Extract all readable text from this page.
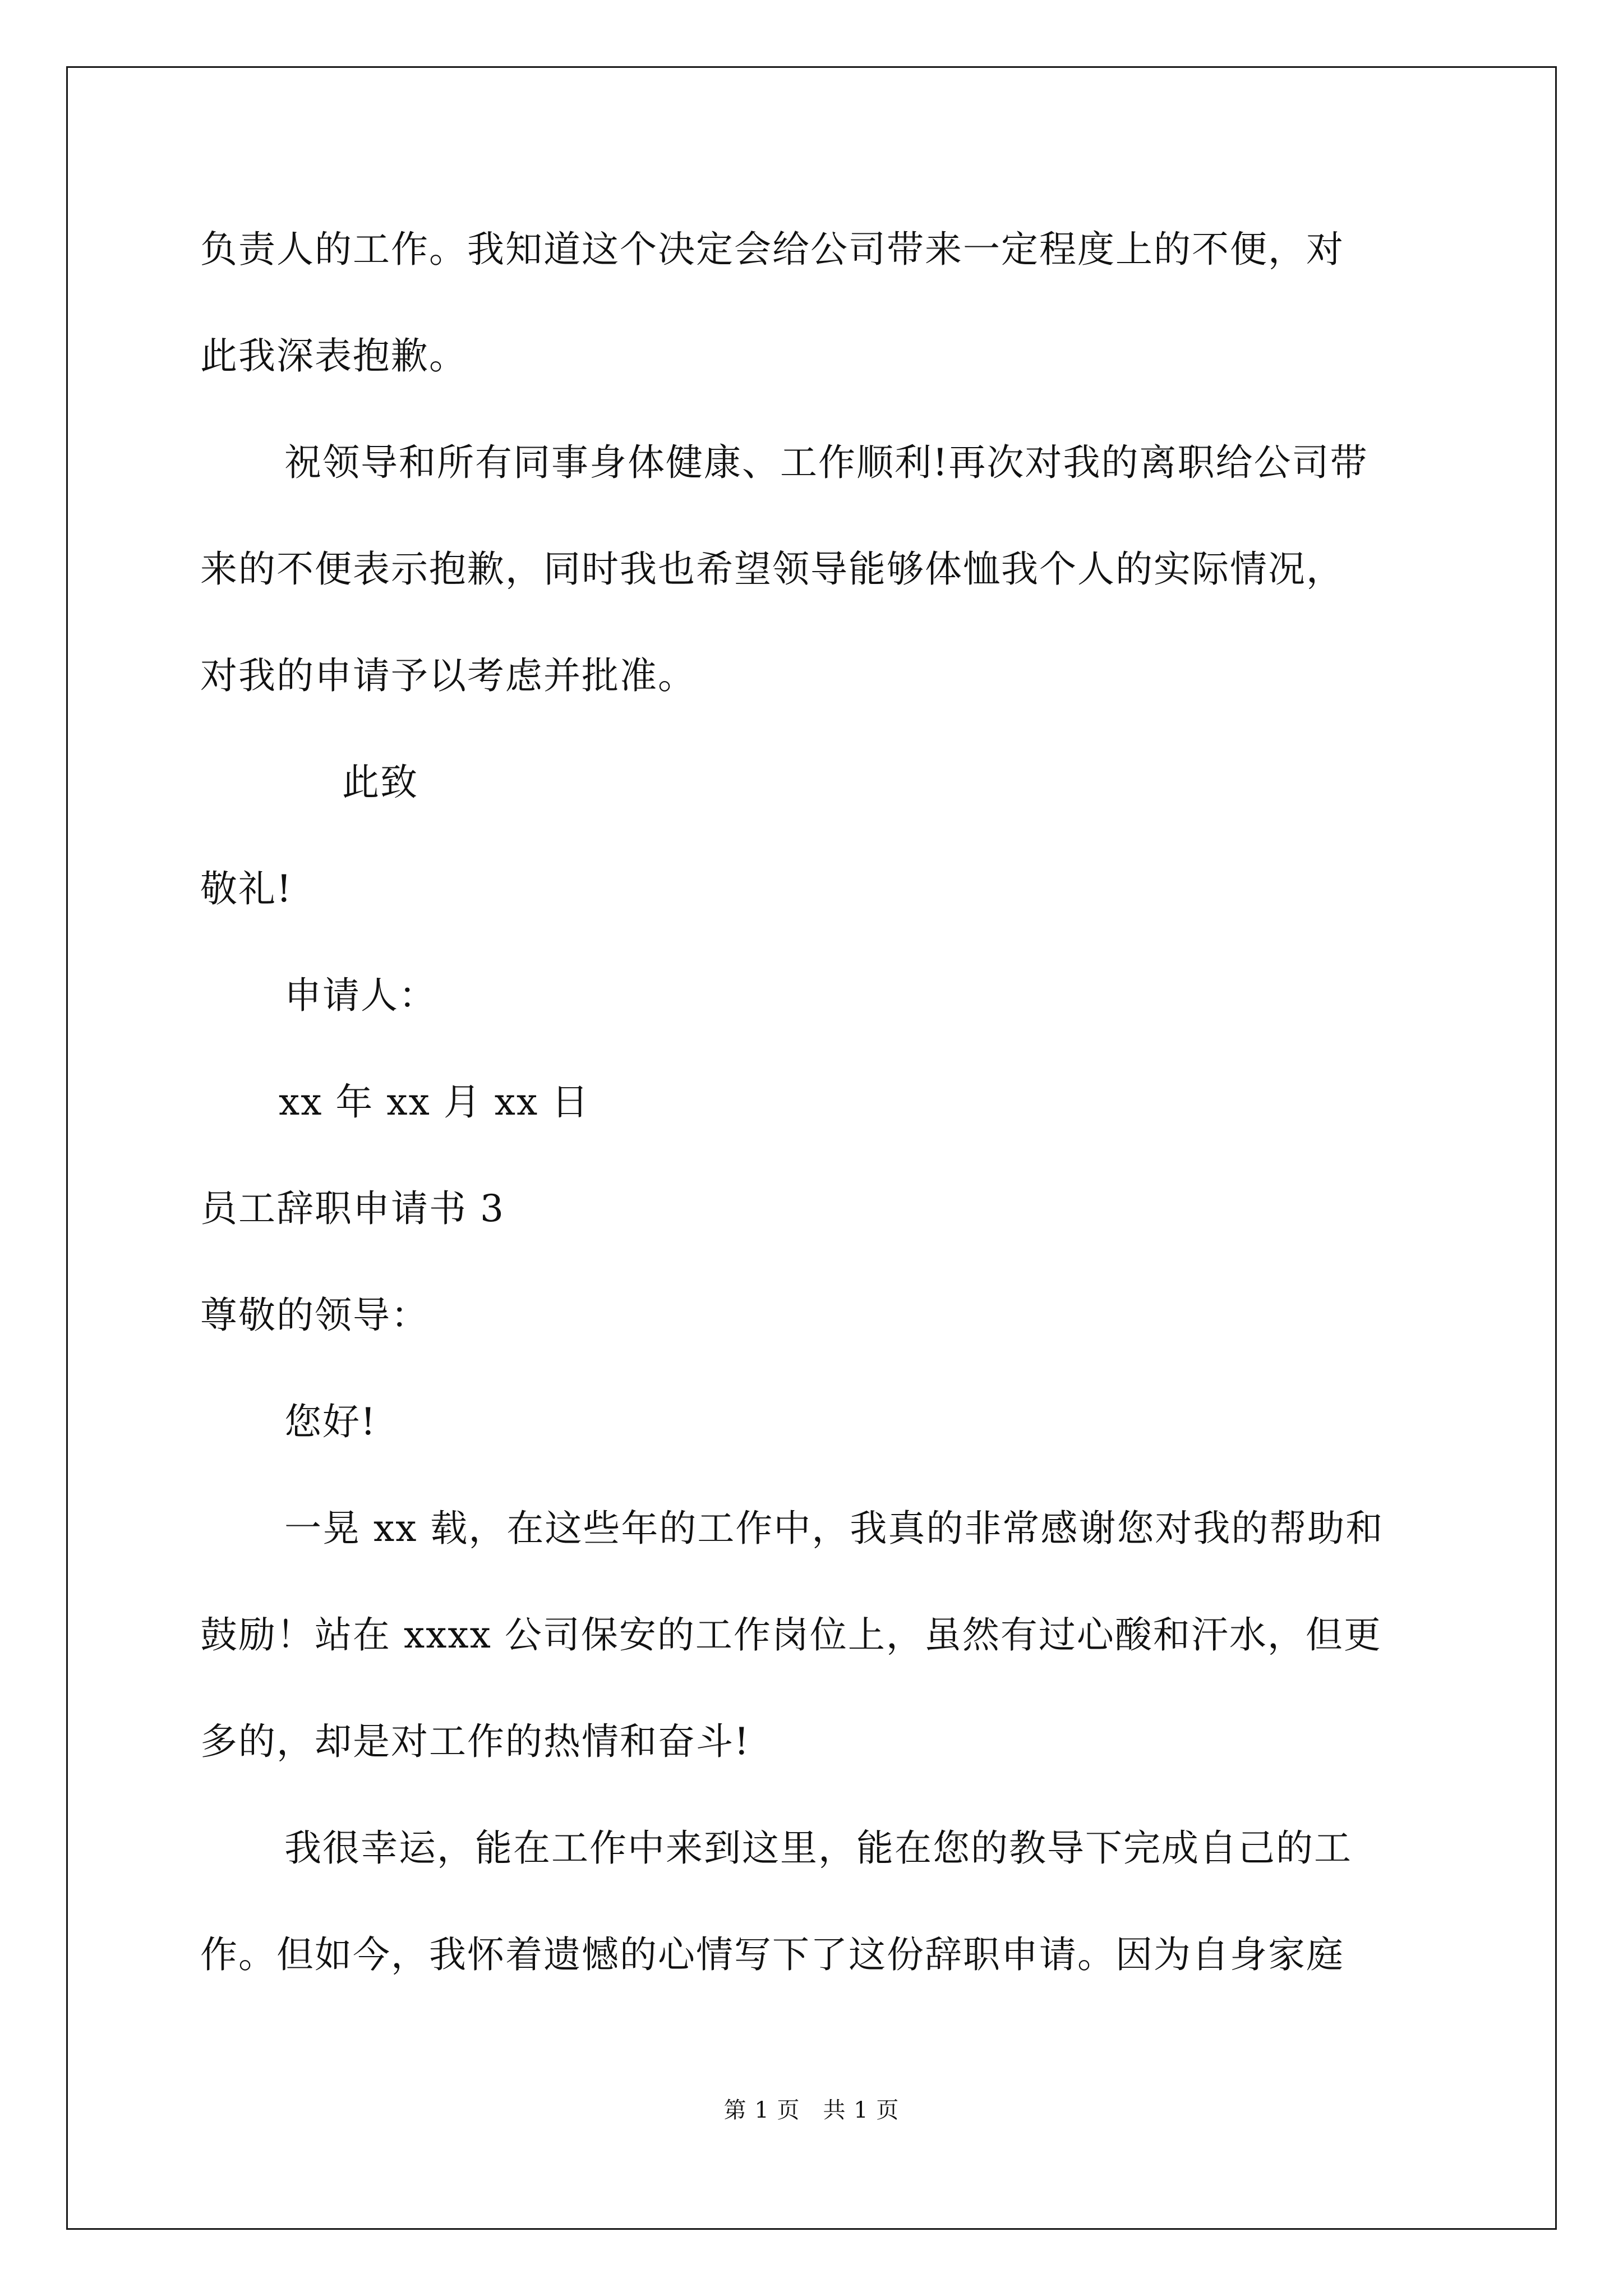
负责人的工作。我知道这个决定会给公司带来一定程度上的不便，对
此我深表抱歉。
祝领导和所有同事身体健康、工作顺利!再次对我的离职给公司带
来的不便表示抱歉，同时我也希望领导能够体恤我个人的实际情况，
对我的申请予以考虑并批准。
此致
敬礼!
申请人：
xx 年 xx 月 xx 日
员工辞职申请书 3
尊敬的领导：
您好!
一晃 xx 载，在这些年的工作中，我真的非常感谢您对我的帮助和
鼓励！站在 xxxx 公司保安的工作岗位上，虽然有过心酸和汗水，但更
多的，却是对工作的热情和奋斗!
我很幸运，能在工作中来到这里，能在您的教导下完成自己的工
作。但如今，我怀着遗憾的心情写下了这份辞职申请。因为自身家庭
第 1 页　共 1 页
